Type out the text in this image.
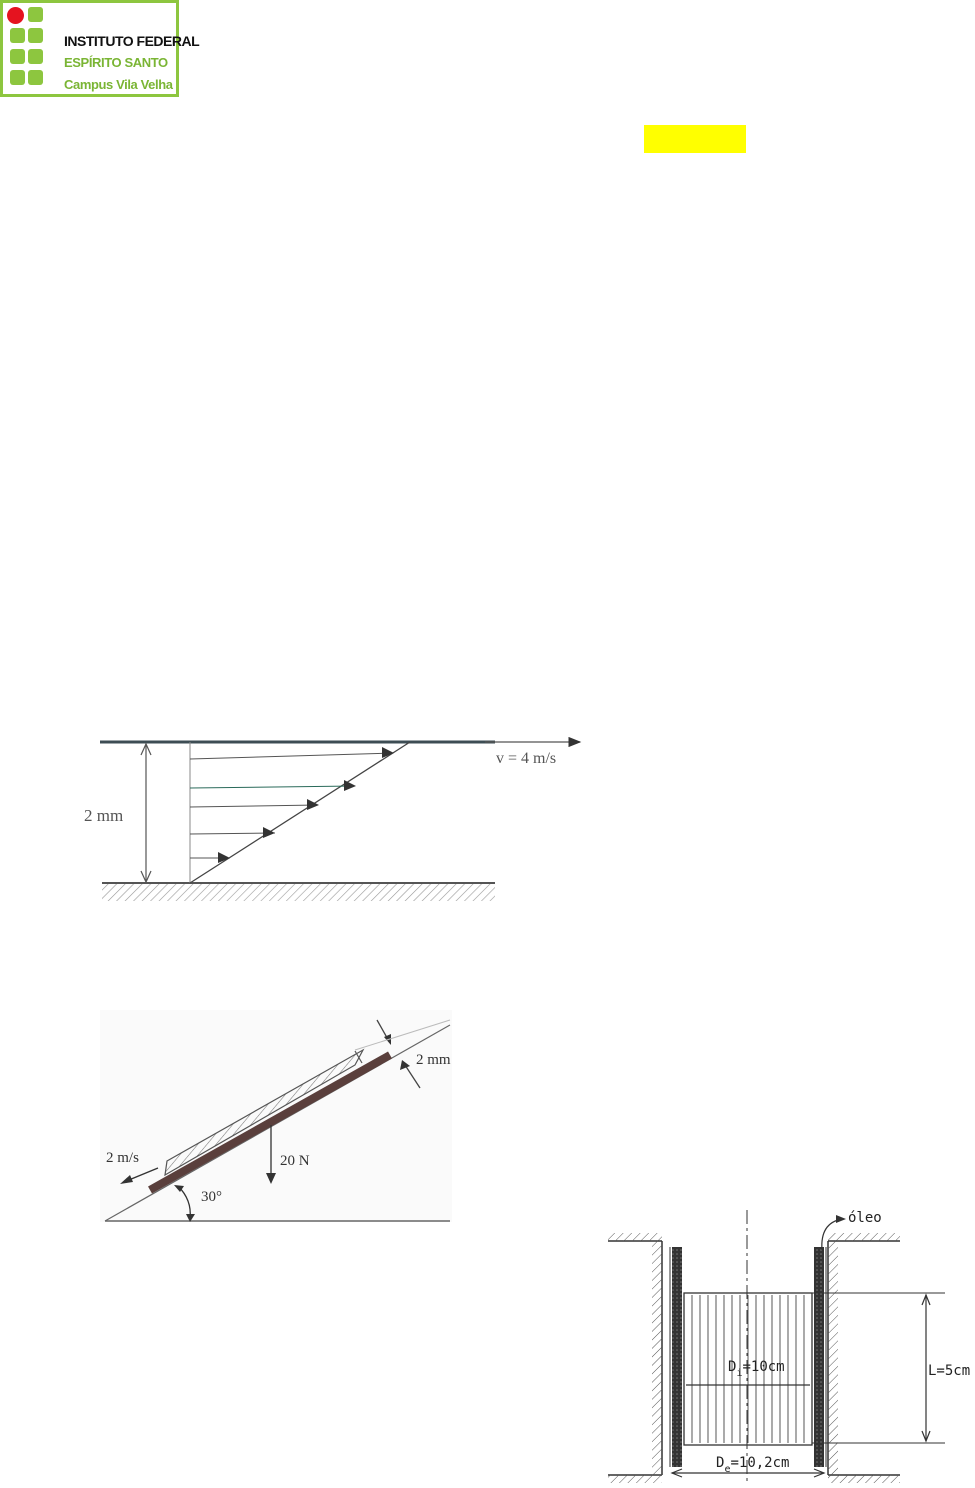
INSTITUTO FEDERAL
ESPÍRITO SANTO
Campus Vila Velha
2 mm
v = 4 m/s
2 mm
2 m/s	20 N
30°
$D_i=10cm$
$D_e=10,2cm$
L=5cm
óleo
